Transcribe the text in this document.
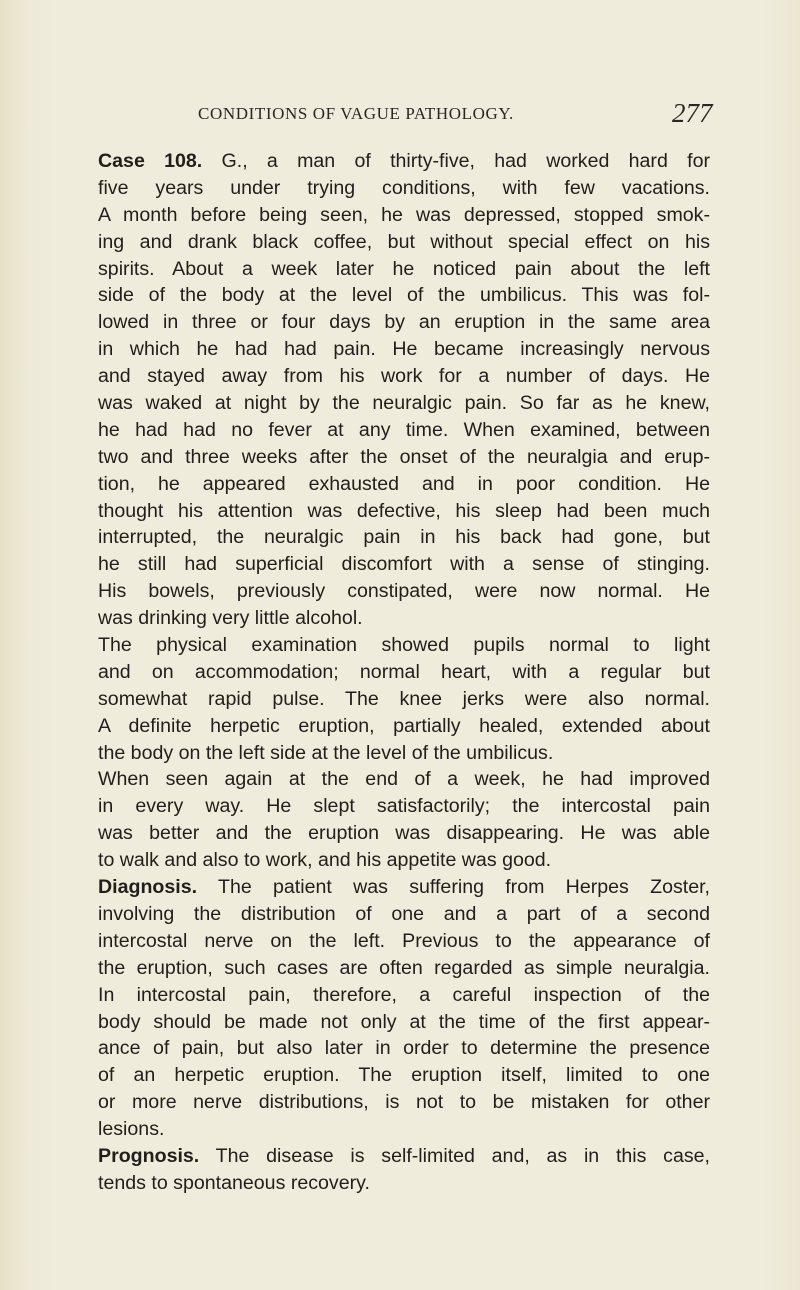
CONDITIONS OF VAGUE PATHOLOGY.	277
Case 108. G., a man of thirty-five, had worked hard for
five years under trying conditions, with few vacations.
A month before being seen, he was depressed, stopped smok-
ing and drank black coffee, but without special effect on his
spirits. About a week later he noticed pain about the left
side of the body at the level of the umbilicus. This was fol-
lowed in three or four days by an eruption in the same area
in which he had had pain. He became increasingly nervous
and stayed away from his work for a number of days. He
was waked at night by the neuralgic pain. So far as he knew,
he had had no fever at any time. When examined, between
two and three weeks after the onset of the neuralgia and erup-
tion, he appeared exhausted and in poor condition. He
thought his attention was defective, his sleep had been much
interrupted, the neuralgic pain in his back had gone, but
he still had superficial discomfort with a sense of stinging.
His bowels, previously constipated, were now normal. He
was drinking very little alcohol.
The physical examination showed pupils normal to light
and on accommodation; normal heart, with a regular but
somewhat rapid pulse. The knee jerks were also normal.
A definite herpetic eruption, partially healed, extended about
the body on the left side at the level of the umbilicus.
When seen again at the end of a week, he had improved
in every way. He slept satisfactorily; the intercostal pain
was better and the eruption was disappearing. He was able
to walk and also to work, and his appetite was good.
Diagnosis. The patient was suffering from Herpes Zoster,
involving the distribution of one and a part of a second
intercostal nerve on the left. Previous to the appearance of
the eruption, such cases are often regarded as simple neuralgia.
In intercostal pain, therefore, a careful inspection of the
body should be made not only at the time of the first appear-
ance of pain, but also later in order to determine the presence
of an herpetic eruption. The eruption itself, limited to one
or more nerve distributions, is not to be mistaken for other
lesions.
Prognosis. The disease is self-limited and, as in this case,
tends to spontaneous recovery.
